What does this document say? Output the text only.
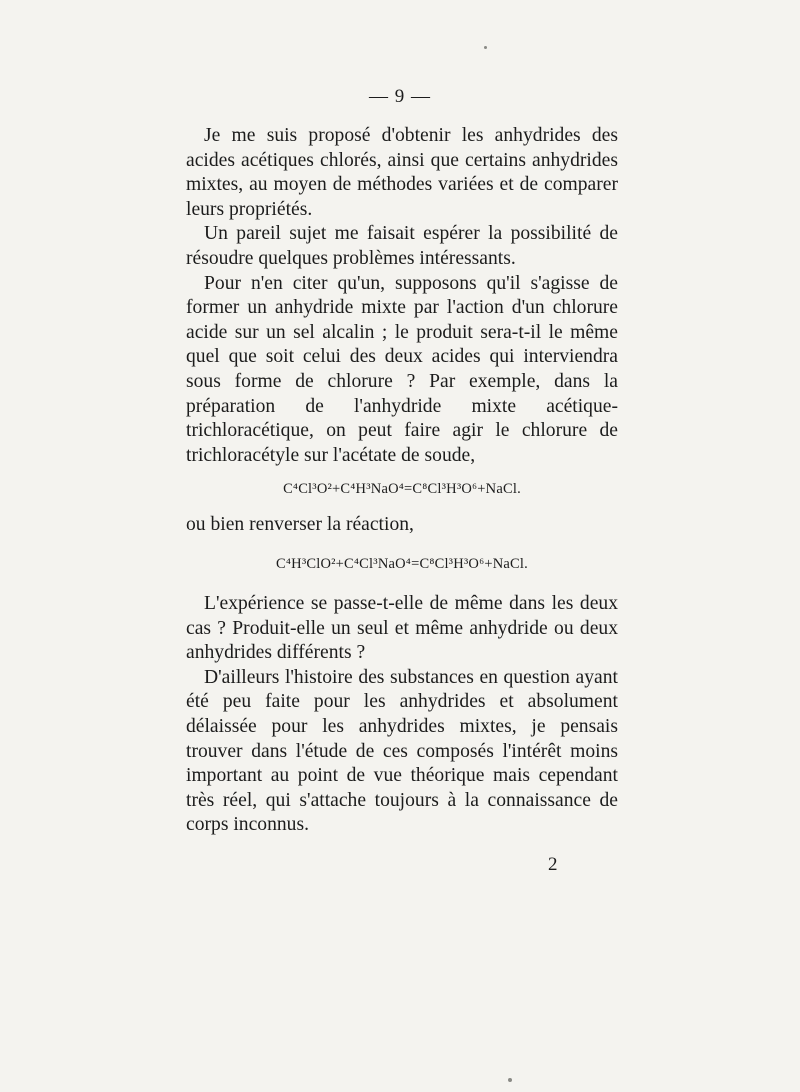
— 9 —

Je me suis proposé d'obtenir les anhydrides des acides acétiques chlorés, ainsi que certains anhydrides mixtes, au moyen de méthodes variées et de comparer leurs propriétés.

Un pareil sujet me faisait espérer la possibilité de résoudre quelques problèmes intéressants.

Pour n'en citer qu'un, supposons qu'il s'agisse de former un anhydride mixte par l'action d'un chlorure acide sur un sel alcalin ; le produit sera-t-il le même quel que soit celui des deux acides qui interviendra sous forme de chlorure ? Par exemple, dans la préparation de l'anhydride mixte acétique-trichloracétique, on peut faire agir le chlorure de trichloracétyle sur l'acétate de soude,

C⁴Cl³O²+C⁴H³NaO⁴=C⁸Cl³H³O⁶+NaCl.

ou bien renverser la réaction,

C⁴H³ClO²+C⁴Cl³NaO⁴=C⁸Cl³H³O⁶+NaCl.

L'expérience se passe-t-elle de même dans les deux cas ? Produit-elle un seul et même anhydride ou deux anhydrides différents ?

D'ailleurs l'histoire des substances en question ayant été peu faite pour les anhydrides et absolument délaissée pour les anhydrides mixtes, je pensais trouver dans l'étude de ces composés l'intérêt moins important au point de vue théorique mais cependant très réel, qui s'attache toujours à la connaissance de corps inconnus.

2
